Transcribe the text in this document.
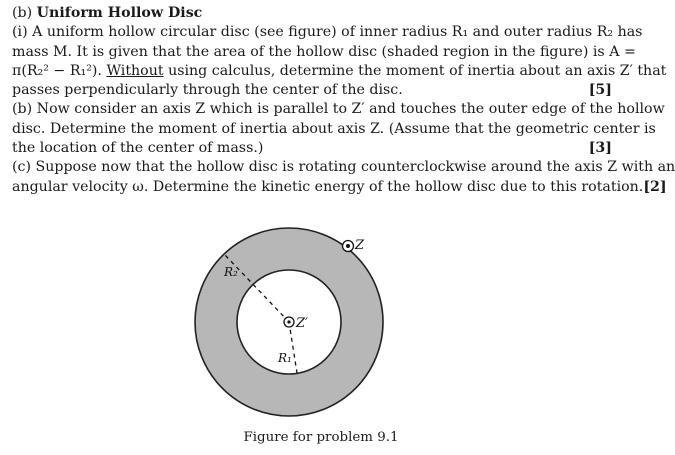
(b) Uniform Hollow Disc
(i) A uniform hollow circular disc (see figure) of inner radius R₁ and outer radius R₂ has
mass M. It is given that the area of the hollow disc (shaded region in the figure) is A =
π(R₂² − R₁²). Without using calculus, determine the moment of inertia about an axis Z′ that
passes perpendicularly through the center of the disc.	[5]
(b) Now consider an axis Z which is parallel to Z′ and touches the outer edge of the hollow
disc. Determine the moment of inertia about axis Z. (Assume that the geometric center is
the location of the center of mass.)	[3]
(c) Suppose now that the hollow disc is rotating counterclockwise around the axis Z with an
angular velocity ω. Determine the kinetic energy of the hollow disc due to this rotation. [2]
Z
Z′
R₂
R₁
Figure for problem 9.1
